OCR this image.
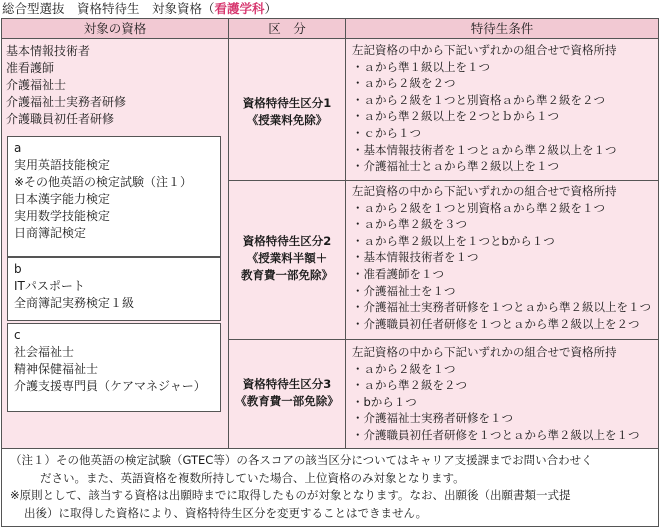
総合型選抜　資格特待生　対象資格（看護学科）
対象の資格	区　分	特待生条件
基本情報技術者
准看護師
介護福祉士
介護福祉士実務者研修
介護職員初任者研修
a
実用英語技能検定
※その他英語の検定試験（注１）
日本漢字能力検定
実用数学技能検定
日商簿記検定
b
ITパスポート
全商簿記実務検定１級
c
社会福祉士
精神保健福祉士
介護支援専門員（ケアマネジャー）
資格特待生区分1
《授業料免除》
資格特待生区分2
《授業料半額＋
教育費一部免除》
資格特待生区分3
《教育費一部免除》
左記資格の中から下記いずれかの組合せで資格所持
・ａから準１級以上を１つ
・ａから２級を２つ
・ａから２級を１つと別資格ａから準２級を２つ
・ａから準２級以上を２つとｂから１つ
・ｃから１つ
・基本情報技術者を１つとａから準２級以上を１つ
・介護福祉士とａから準２級以上を１つ
左記資格の中から下記いずれかの組合せで資格所持
・ａから２級を１つと別資格ａから準２級を１つ
・ａから準２級を３つ
・ａから準２級以上を１つとbから１つ
・基本情報技術者を１つ
・准看護師を１つ
・介護福祉士を１つ
・介護福祉士実務者研修を１つとａから準２級以上を１つ
・介護職員初任者研修を１つとａから準２級以上を２つ
左記資格の中から下記いずれかの組合せで資格所持
・ａから２級を１つ
・ａから準２級を２つ
・bから１つ
・介護福祉士実務者研修を１つ
・介護職員初任者研修を１つとａから準２級以上を１つ
（注１）その他英語の検定試験（GTEC等）の各スコアの該当区分についてはキャリア支援課までお問い合わせく
ださい。また、英語資格を複数所持していた場合、上位資格のみ対象となります。
※原則として、該当する資格は出願時までに取得したものが対象となります。なお、出願後（出願書類一式提
出後）に取得した資格により、資格特待生区分を変更することはできません。
